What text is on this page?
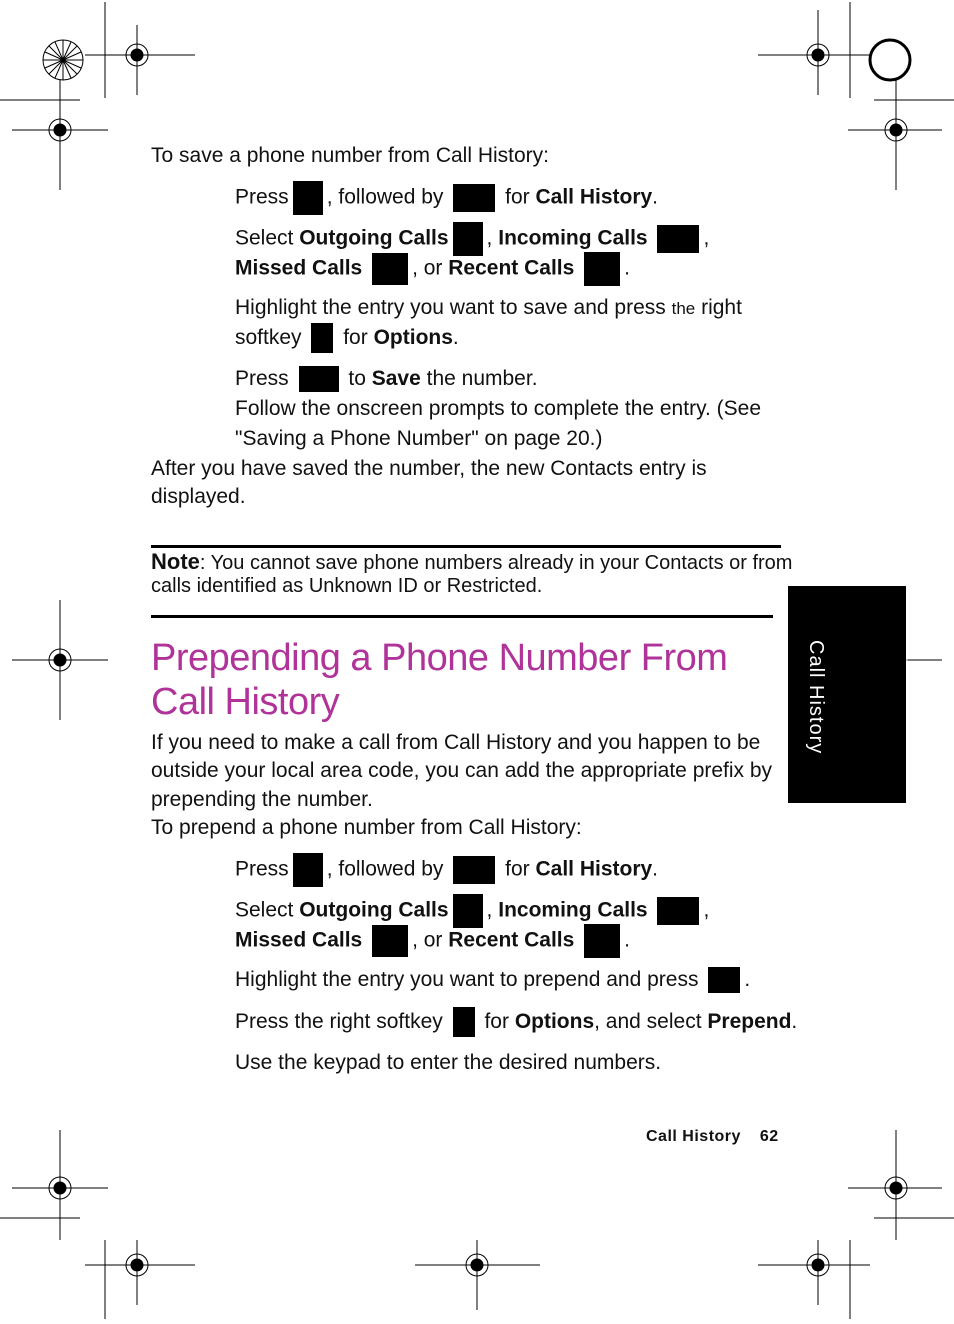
To save a phone number from Call History:
Press , followed by	for Call History.
Select Outgoing Calls , Incoming Calls	,
Missed Calls , or Recent Calls .
Highlight the entry you want to save and press the right
softkey for Options.
Press	to Save the number.
Follow the onscreen prompts to complete the entry. (See
"Saving a Phone Number" on page 20.)
After you have saved the number, the new Contacts entry is
displayed.
Note: You cannot save phone numbers already in your Contacts or from
calls identified as Unknown ID or Restricted.
Prepending a Phone Number From
Call History
If you need to make a call from Call History and you happen to be
outside your local area code, you can add the appropriate prefix by
prepending the number.
To prepend a phone number from Call History:
Press , followed by	for Call History.
Select Outgoing Calls , Incoming Calls	,
Missed Calls , or Recent Calls .
Highlight the entry you want to prepend and press .
Press the right softkey for Options, and select Prepend.
Use the keypad to enter the desired numbers.
Call History
Call History 62
